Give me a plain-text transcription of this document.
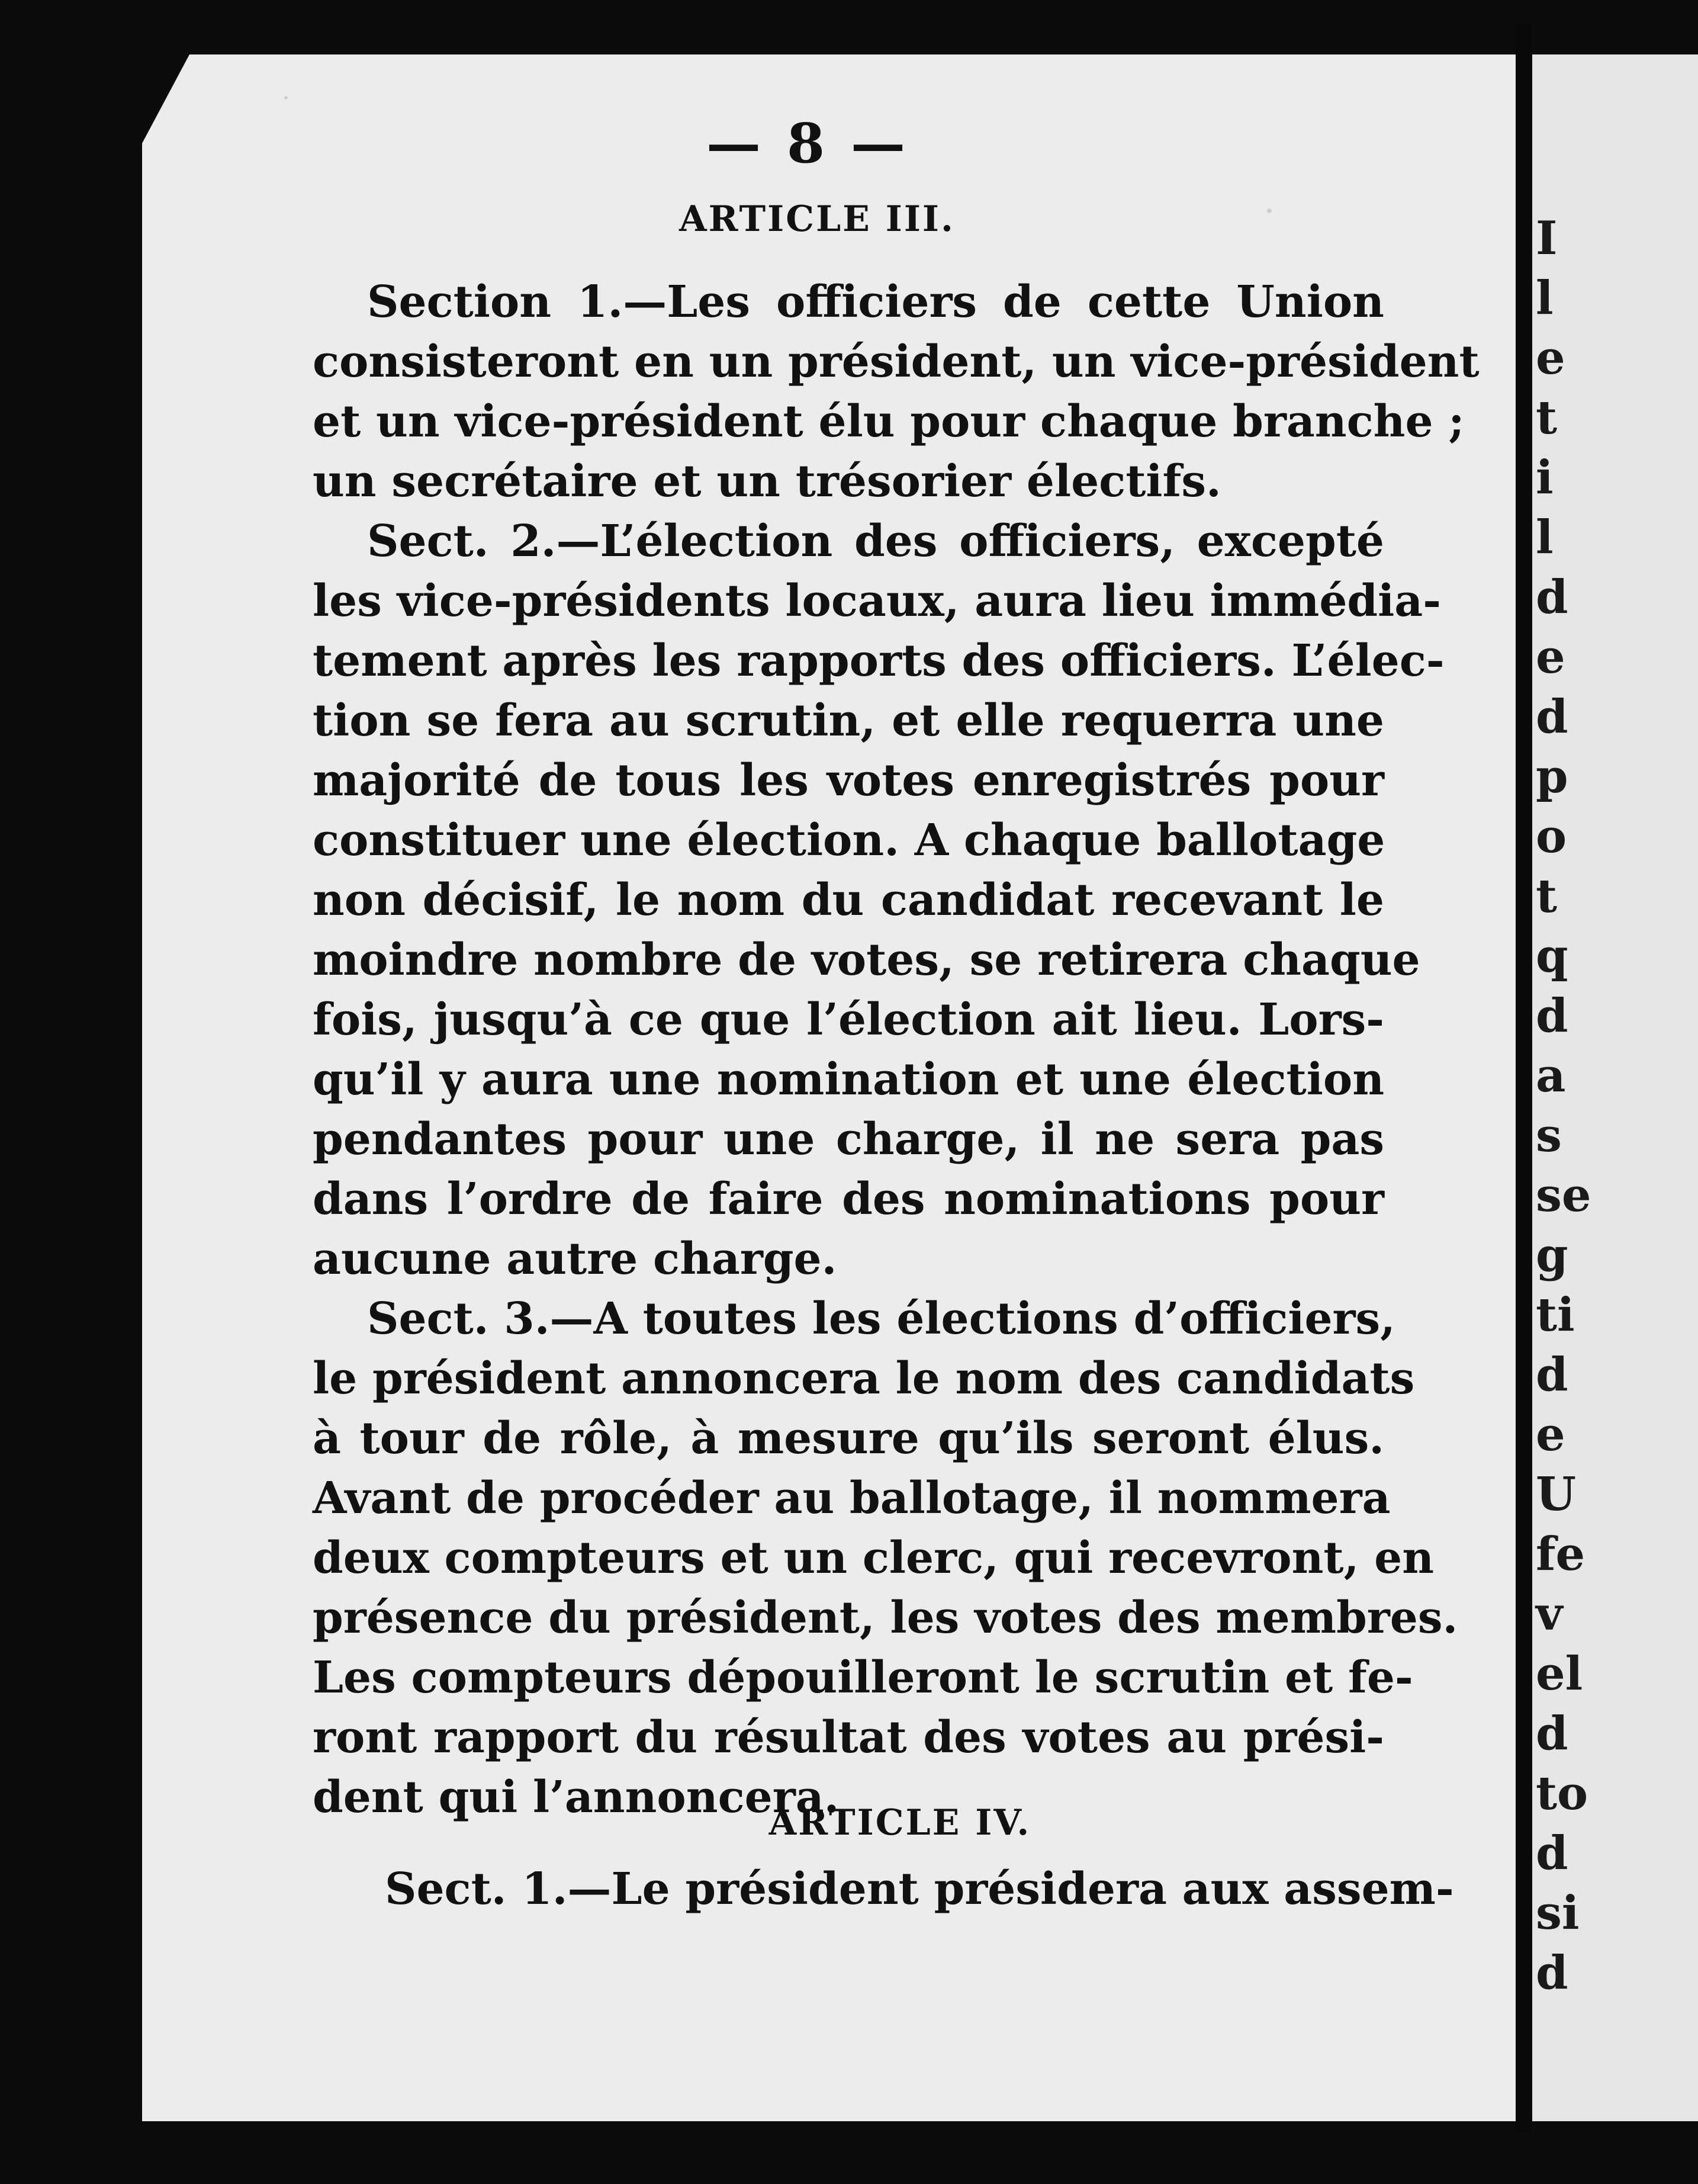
I
l
e
t
i
l
d
e
d
p
o
t
q
d
a
s
se
g
ti
d
e
U
fe
v
el
d
to
d
si
d
— 8 —
ARTICLE III.
Section 1.—Les officiers de cette Union
consisteront en un président, un vice-président
et un vice-président élu pour chaque branche ;
un secrétaire et un trésorier électifs.
Sect. 2.—L’élection des officiers, excepté
les vice-présidents locaux, aura lieu immédia-
tement après les rapports des officiers. L’élec-
tion se fera au scrutin, et elle requerra une
majorité de tous les votes enregistrés pour
constituer une élection. A chaque ballotage
non décisif, le nom du candidat recevant le
moindre nombre de votes, se retirera chaque
fois, jusqu’à ce que l’élection ait lieu. Lors-
qu’il y aura une nomination et une élection
pendantes pour une charge, il ne sera pas
dans l’ordre de faire des nominations pour
aucune autre charge.
Sect. 3.—A toutes les élections d’officiers,
le président annoncera le nom des candidats
à tour de rôle, à mesure qu’ils seront élus.
Avant de procéder au ballotage, il nommera
deux compteurs et un clerc, qui recevront, en
présence du président, les votes des membres.
Les compteurs dépouilleront le scrutin et fe-
ront rapport du résultat des votes au prési-
dent qui l’annoncera.
ARTICLE IV.
Sect. 1.—Le président présidera aux assem-
